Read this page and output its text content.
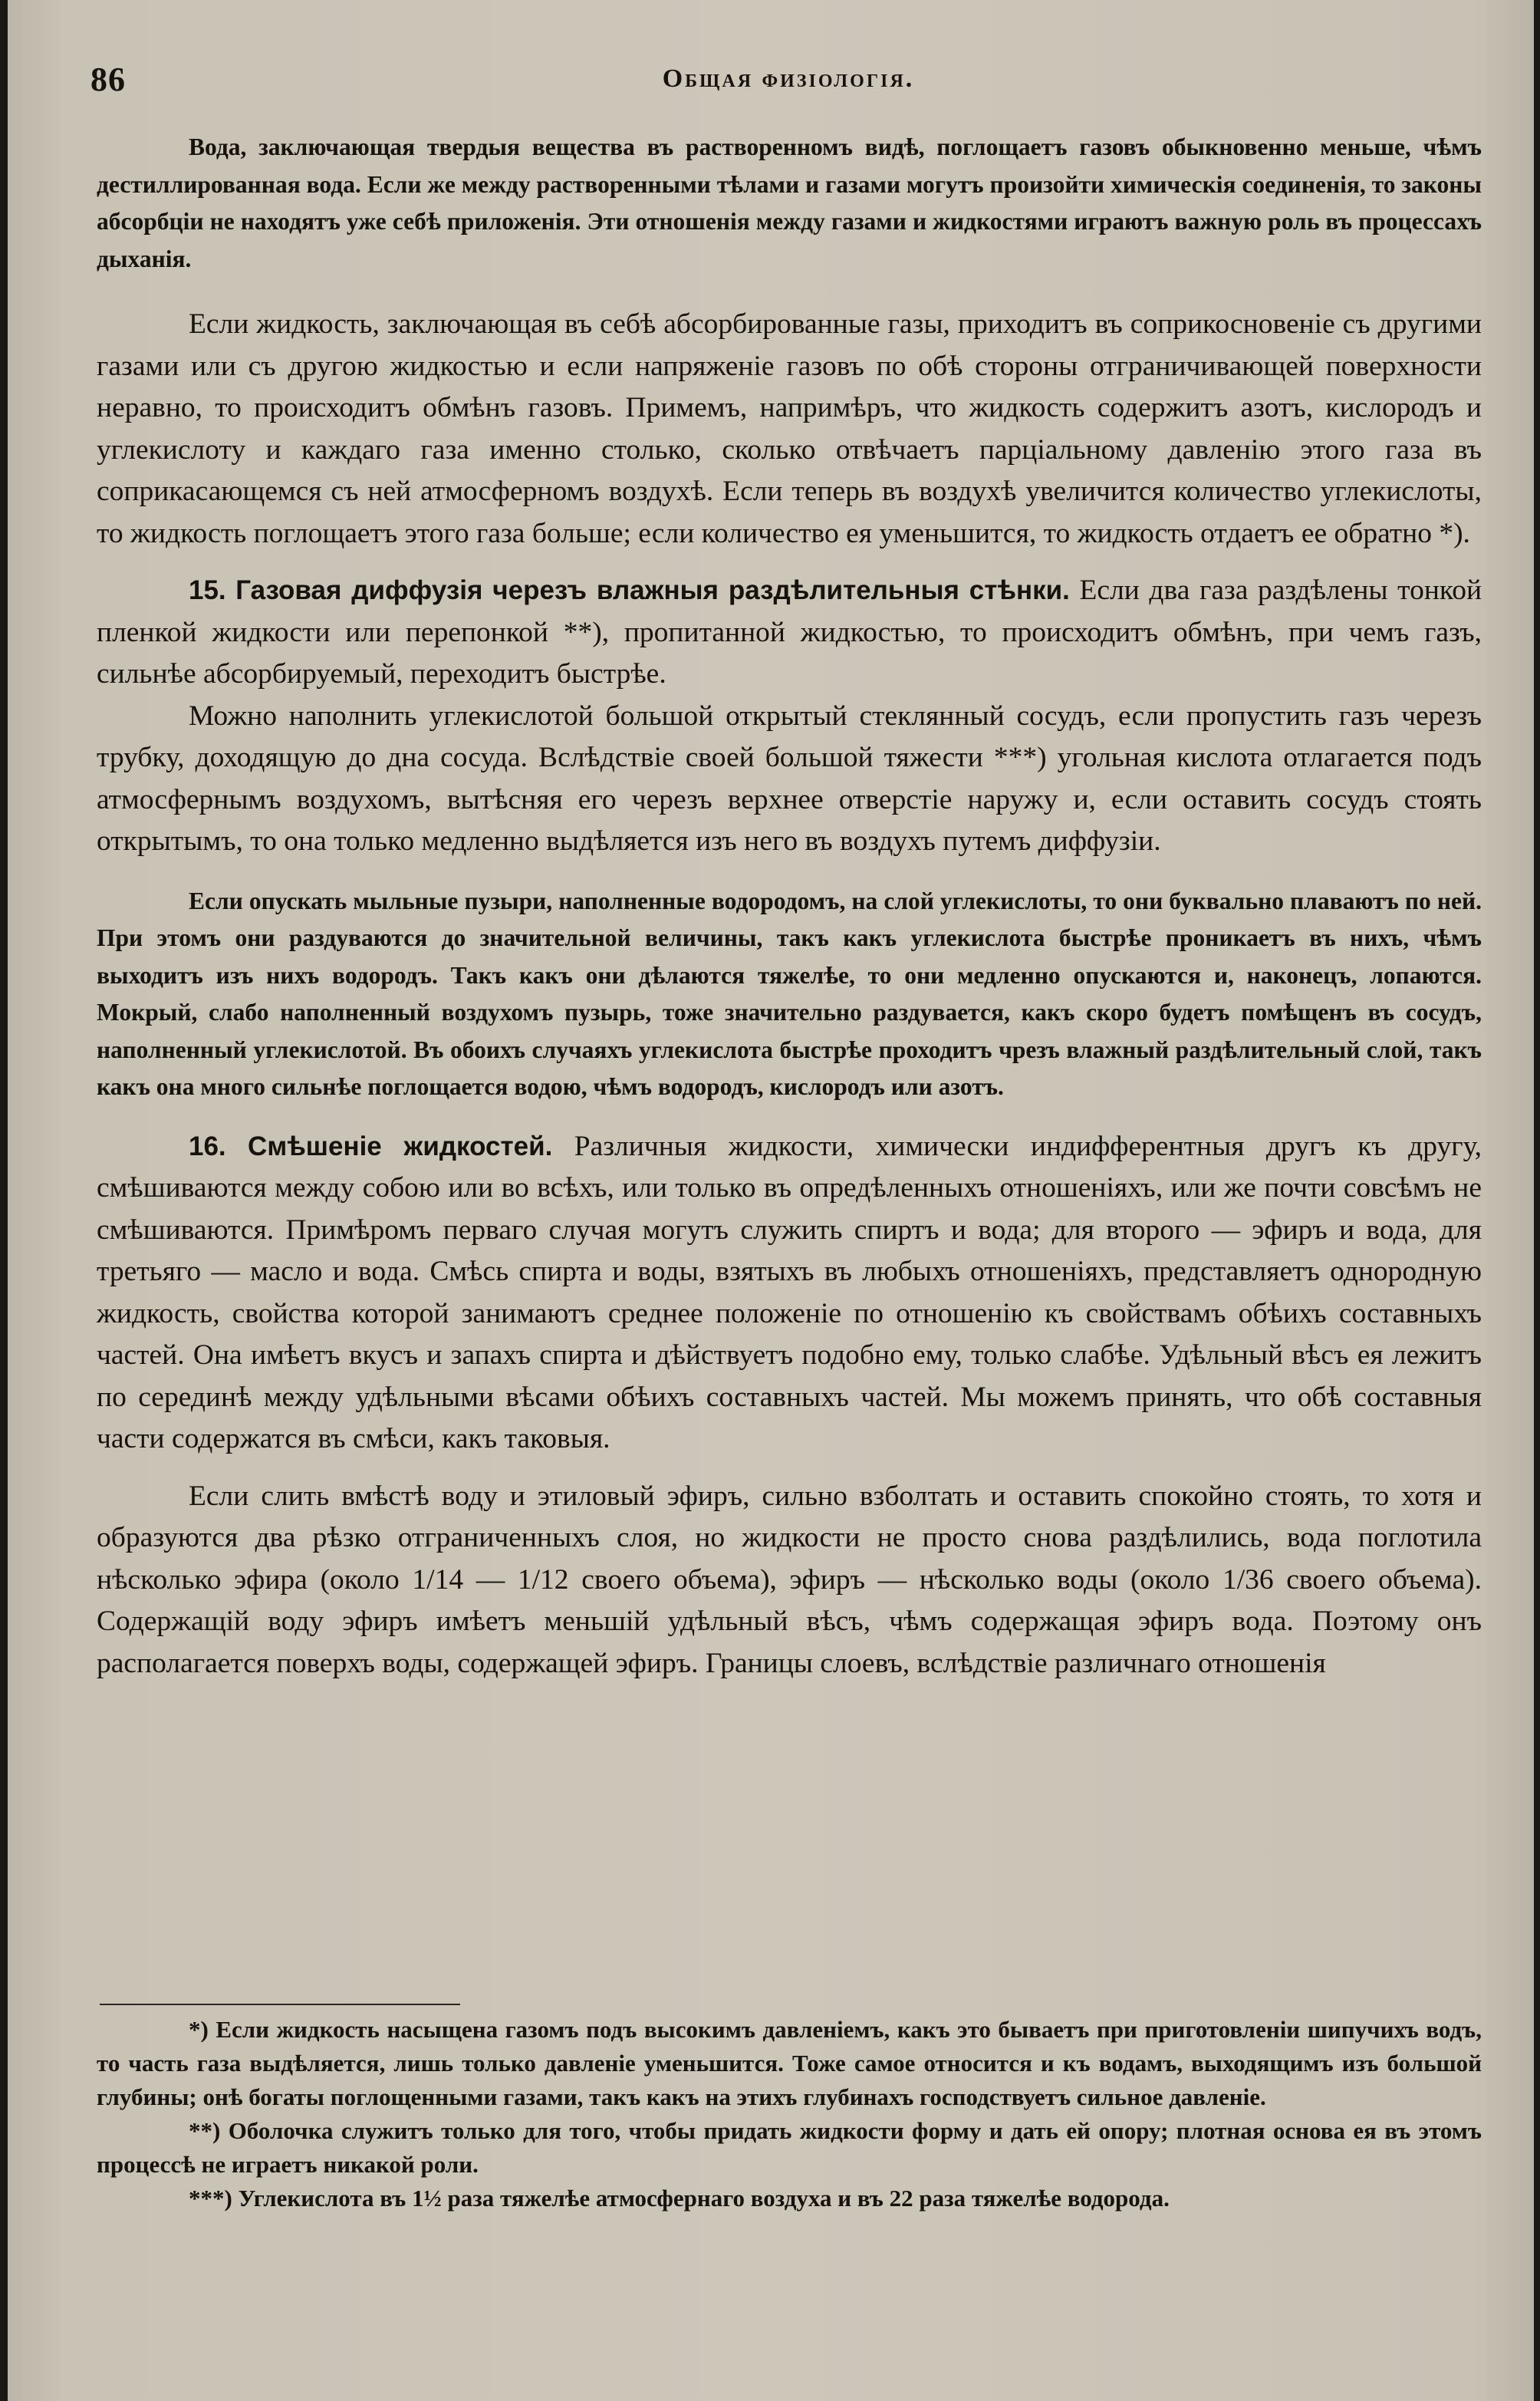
86	Общая физіологія.

Вода, заключающая твердыя вещества въ растворенномъ видѣ, поглощаетъ газовъ обыкновенно меньше, чѣмъ дестиллированная вода. Если же между растворенными тѣлами и газами могутъ произойти химическія соединенія, то законы абсорбціи не находятъ уже себѣ приложенія. Эти отношенія между газами и жидкостями играютъ важную роль въ процессахъ дыханія.

Если жидкость, заключающая въ себѣ абсорбированные газы, приходитъ въ соприкосновеніе съ другими газами или съ другою жидкостью и если напряженіе газовъ по обѣ стороны отграничивающей поверхности неравно, то происходитъ обмѣнъ газовъ. Примемъ, напримѣръ, что жидкость содержитъ азотъ, кислородъ и углекислоту и каждаго газа именно столько, сколько отвѣчаетъ парціальному давленію этого газа въ соприкасающемся съ ней атмосферномъ воздухѣ. Если теперь въ воздухѣ увеличится количество углекислоты, то жидкость поглощаетъ этого газа больше; если количество ея уменьшится, то жидкость отдаетъ ее обратно *).

15. Газовая диффузія черезъ влажныя раздѣлительныя стѣнки. Если два газа раздѣлены тонкой пленкой жидкости или перепонкой **), пропитанной жидкостью, то происходитъ обмѣнъ, при чемъ газъ, сильнѣе абсорбируемый, переходитъ быстрѣе.

Можно наполнить углекислотой большой открытый стеклянный сосудъ, если пропустить газъ черезъ трубку, доходящую до дна сосуда. Вслѣдствіе своей большой тяжести ***) угольная кислота отлагается подъ атмосфернымъ воздухомъ, вытѣсняя его черезъ верхнее отверстіе наружу и, если оставить сосудъ стоять открытымъ, то она только медленно выдѣляется изъ него въ воздухъ путемъ диффузіи.

Если опускать мыльные пузыри, наполненные водородомъ, на слой углекислоты, то они буквально плаваютъ по ней. При этомъ они раздуваются до значительной величины, такъ какъ углекислота быстрѣе проникаетъ въ нихъ, чѣмъ выходитъ изъ нихъ водородъ. Такъ какъ они дѣлаются тяжелѣе, то они медленно опускаются и, наконецъ, лопаются. Мокрый, слабо наполненный воздухомъ пузырь, тоже значительно раздувается, какъ скоро будетъ помѣщенъ въ сосудъ, наполненный углекислотой. Въ обоихъ случаяхъ углекислота быстрѣе проходитъ чрезъ влажный раздѣлительный слой, такъ какъ она много сильнѣе поглощается водою, чѣмъ водородъ, кислородъ или азотъ.

16. Смѣшеніе жидкостей. Различныя жидкости, химически индифферентныя другъ къ другу, смѣшиваются между собою или во всѣхъ, или только въ опредѣленныхъ отношеніяхъ, или же почти совсѣмъ не смѣшиваются. Примѣромъ перваго случая могутъ служить спиртъ и вода; для второго — эфиръ и вода, для третьяго — масло и вода. Смѣсь спирта и воды, взятыхъ въ любыхъ отношеніяхъ, представляетъ однородную жидкость, свойства которой занимаютъ среднее положеніе по отношенію къ свойствамъ обѣихъ составныхъ частей. Она имѣетъ вкусъ и запахъ спирта и дѣйствуетъ подобно ему, только слабѣе. Удѣльный вѣсъ ея лежитъ по серединѣ между удѣльными вѣсами обѣихъ составныхъ частей. Мы можемъ принять, что обѣ составныя части содержатся въ смѣси, какъ таковыя.

Если слить вмѣстѣ воду и этиловый эфиръ, сильно взболтать и оставить спокойно стоять, то хотя и образуются два рѣзко отграниченныхъ слоя, но жидкости не просто снова раздѣлились, вода поглотила нѣсколько эфира (около 1/14 — 1/12 своего объема), эфиръ — нѣсколько воды (около 1/36 своего объема). Содержащій воду эфиръ имѣетъ меньшій удѣльный вѣсъ, чѣмъ содержащая эфиръ вода. Поэтому онъ располагается поверхъ воды, содержащей эфиръ. Границы слоевъ, вслѣдствіе различнаго отношенія

*) Если жидкость насыщена газомъ подъ высокимъ давленіемъ, какъ это бываетъ при приготовленіи шипучихъ водъ, то часть газа выдѣляется, лишь только давленіе уменьшится. Тоже самое относится и къ водамъ, выходящимъ изъ большой глубины; онѣ богаты поглощенными газами, такъ какъ на этихъ глубинахъ господствуетъ сильное давленіе.

**) Оболочка служитъ только для того, чтобы придать жидкости форму и дать ей опору; плотная основа ея въ этомъ процессѣ не играетъ никакой роли.

***) Углекислота въ 1½ раза тяжелѣе атмосфернаго воздуха и въ 22 раза тяжелѣе водорода.
